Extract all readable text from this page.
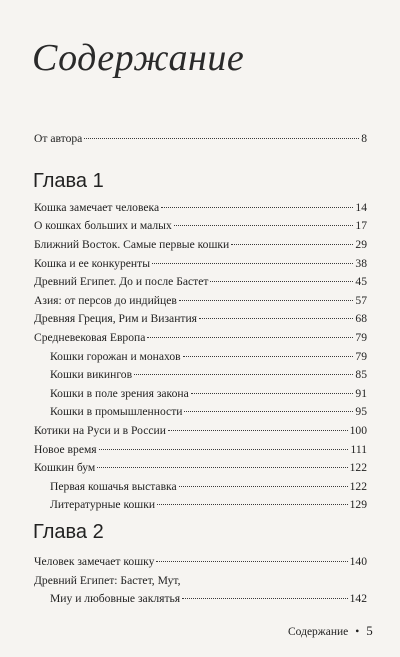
Содержание
От автора	8
Глава 1
Кошка замечает человека	14
О кошках больших и малых	17
Ближний Восток. Самые первые кошки	29
Кошка и ее конкуренты	38
Древний Египет. До и после Бастет	45
Азия: от персов до индийцев	57
Древняя Греция, Рим и Византия	68
Средневековая Европа	79
Кошки горожан и монахов	79
Кошки викингов	85
Кошки в поле зрения закона	91
Кошки в промышленности	95
Котики на Руси и в России	100
Новое время	111
Кошкин бум	122
Первая кошачья выставка	122
Литературные кошки	129
Глава 2
Человек замечает кошку	140
Древний Египет: Бастет, Мут,
Миу и любовные заклятья	142
Содержание • 5
